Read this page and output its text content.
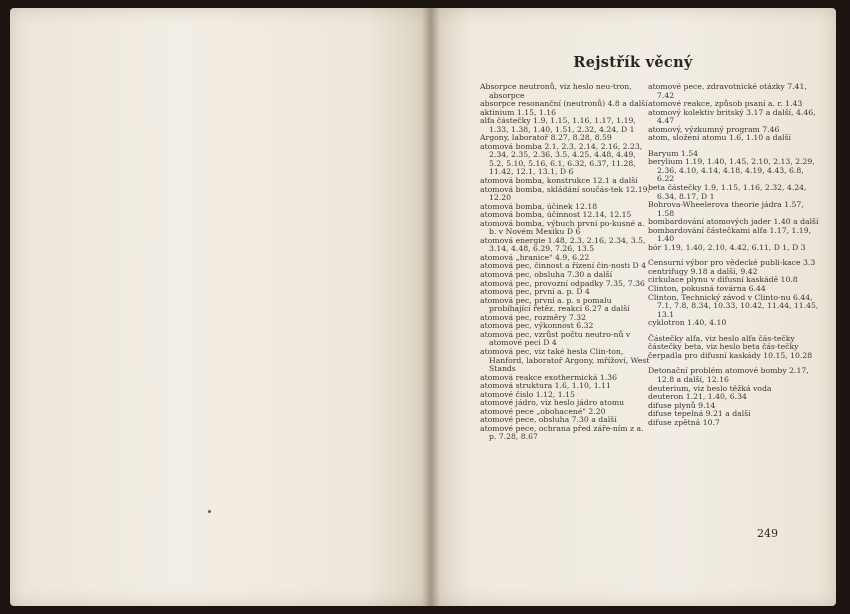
Rejstřík věcný

Absorpce neutronů, viz heslo neu-tron, absorpce

absorpce resonanční (neutronů) 4.8 a další

aktinium 1.15, 1.16

alfa částečky 1.9, 1.15, 1.16, 1.17, 1.19, 1.33, 1.38, 1.40, 1.51, 2.32, 4.24, D 1

Argony, laboratoř 8.27, 8.28, 8.59

atomová bomba 2.1, 2.3, 2.14, 2.16, 2.23, 2.34, 2.35, 2.36, 3.5, 4.25, 4.48, 4.49, 5.2, 5.10, 5.16, 6.1, 6.32, 6.37, 11.28, 11.42, 12.1, 13.1, D 6

atomová bomba, konstrukce 12.1 a další

atomová bomba, skládání součás-tek 12.19, 12.20

atomová bomba, účinek 12.18

atomová bomba, účinnost 12.14, 12.15

atomová bomba, výbuch první po-kusné a. b. v Novém Mexiku D 6

atomová energie 1.48, 2.3, 2.16, 2.34, 3.5, 3.14, 4.48, 6.29, 7.26, 13.5

atomová „hranice" 4.9, 6.22

atomová pec, činnost a řízení čin-nosti D 4

atomová pec, obsluha 7.30 a další

atomová pec, provozní odpadky 7.35, 7.36

atomová pec, první a. p. D 4

atomová pec, první a. p. s pomalu probíhající řetěz. reakcí 6.27 a další

atomová pec, rozměry 7.32

atomová pec, výkonnost 6.32

atomová pec, vzrůst počtu neutro-nů v atomové peci D 4

atomová pec, viz také hesla Clin-ton, Hanford, laboratoř Argony, mřížoví, West Stands

atomová reakce exothermická 1.36

atomová struktura 1.6, 1.10, 1.11

atomové číslo 1.12, 1.15

atomové jádro, viz heslo jádro atomu

atomové pece „obohacené" 2.20

atomové pece, obsluha 7.30 a další

atomové pece, ochrana před záře-ním z a. p. 7.28, 8.67

atomové pece, zdravotnické otázky 7.41, 7.42

atomové reakce, způsob psaní a. r. 1.43

atomový kolektiv britský 3.17 a další, 4.46, 4.47

atomový, výzkumný program 7.46

atom, složení atomu 1.6, 1.10 a další

Baryum 1.54

berylium 1.19, 1.40, 1.45, 2.10, 2.13, 2.29, 2.36, 4.10, 4.14, 4.18, 4.19, 4.43, 6.8, 6.22

beta částečky 1.9, 1.15, 1.16, 2.32, 4.24, 6.34, 8.17, D 1

Bohrova-Wheelerova theorie jádra 1.57, 1.58

bombardování atomových jader 1.40 a další

bombardování částečkami alfa 1.17, 1.19, 1.40

bór 1.19, 1.40, 2.10, 4.42, 6.11, D 1, D 3

Censurní výbor pro vědecké publi-kace 3.3

centrifugy 9.18 a další, 9.42

cirkulace plynu v difusní kaskádě 10.8

Clinton, pokusná továrna 6.44

Clinton, Technický závod v Clinto-nu 6.44, 7.1, 7.8, 8.34, 10.33, 10.42, 11.44, 11.45, 13.1

cyklotron 1.40, 4.10

Částečky alfa, viz heslo alfa čás-tečky

částečky beta, viz heslo beta čás-tečky

čerpadla pro difusní kaskády 10.15, 10.28

Detonační problém atomové bomby 2.17, 12.8 a další, 12.16

deuterium, viz heslo těžká voda

deuteron 1.21, 1.40, 6.34

difuse plynů 9.14

difuse tepelná 9.21 a další

difuse zpětná 10.7

249
